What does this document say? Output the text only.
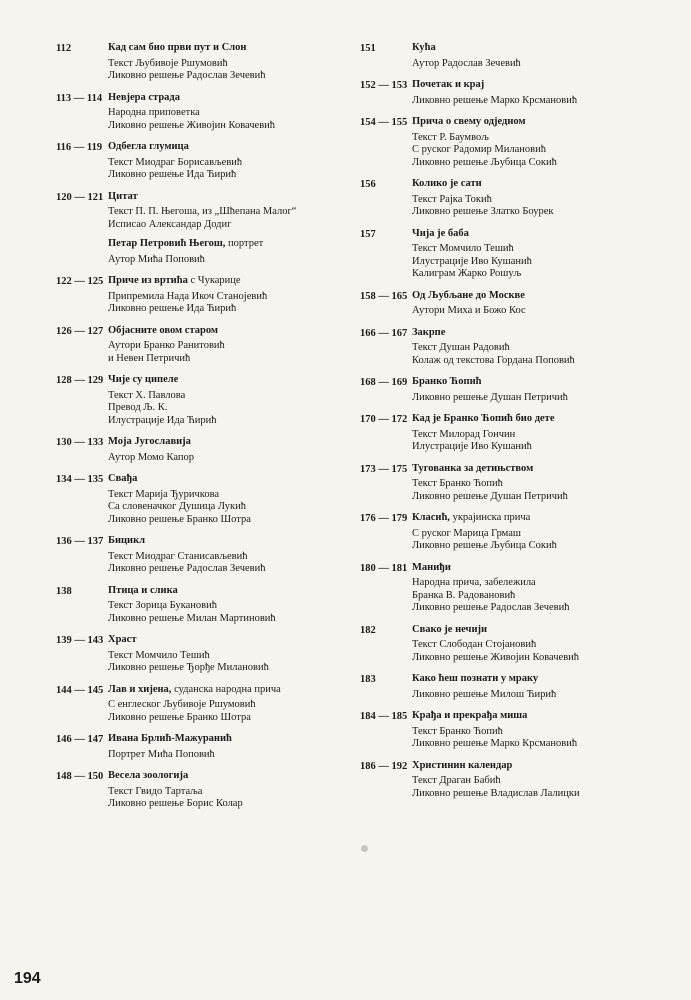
112	Кад сам био први пут и Слон
Текст Љубивоје Ршумовић
Ликовно решење Радослав Зечевић
113 — 114 Невјера страда
Народна приповетка
Ликовно решење Живојин Ковачевић
116 — 119 Одбегла глумица
Текст Миодраг Борисављевић
Ликовно решење Ида Ћирић
120 — 121 Цитат
Текст П. П. Његоша, из „Шћепана Малог“
Исписао Александар Додиг
Петар Петровић Његош, портрет
Аутор Мића Поповић
122 — 125 Приче из вртића с Чукарице
Припремила Нада Икоч Станојевић
Ликовно решење Ида Ћирић
126 — 127 Објасните овом старом
Аутори Бранко Ранитовић
и Невен Петричић
128 — 129 Чије су ципеле
Текст Х. Павлова
Превод Љ. К.
Илустрације Ида Ћирић
130 — 133 Моја Југославија
Аутор Момо Капор
134 — 135 Свађа
Текст Марија Ђуричкова
Са словеначког Душица Лукић
Ликовно решење Бранко Шотра
136 — 137 Бицикл
Текст Миодраг Станисављевић
Ликовно решење Радослав Зечевић
138	Птица и слика
Текст Зорица Букановић
Ликовно решење Милан Мартиновић
139 — 143 Храст
Текст Момчило Тешић
Ликовно решење Ђорђе Милановић
144 — 145 Лав и хијена, суданска народна прича
С енглеског Љубивоје Ршумовић
Ликовно решење Бранко Шотра
146 — 147 Ивана Брлић-Мажуранић
Портрет Мића Поповић
148 — 150 Весела зоологија
Текст Гвидо Тартаља
Ликовно решење Борис Колар
151	Кућа
Аутор Радослав Зечевић
152 — 153 Почетак и крај
Ликовно решење Марко Крсмановић
154 — 155 Прича о свему одједном
Текст Р. Баумвољ
С руског Радомир Милановић
Ликовно решење Љубица Сокић
156	Колико је сати
Текст Рајка Токић
Ликовно решење Златко Боурек
157	Чија је баба
Текст Момчило Тешић
Илустрације Иво Кушанић
Калиграм Жарко Рошуљ
158 — 165 Од Љубљане до Москве
Аутори Миха и Божо Кос
166 — 167 Закрпе
Текст Душан Радовић
Колаж од текстова Гордана Поповић
168 — 169 Бранко Ћопић
Ликовно решење Душан Петричић
170 — 172 Кад је Бранко Ћопић био дете
Текст Милорад Гончин
Илустрације Иво Кушанић
173 — 175 Тугованка за детињством
Текст Бранко Ћопић
Ликовно решење Душан Петричић
176 — 179 Класић, украјинска прича
С руског Марица Грмаш
Ликовно решење Љубица Сокић
180 — 181 Маниђи
Народна прича, забележила
Бранка В. Радовановић
Ликовно решење Радослав Зечевић
182	Свако је нечији
Текст Слободан Стојановић
Ликовно решење Живојин Ковачевић
183	Како ћеш познати у мраку
Ликовно решење Милош Ћирић
184 — 185 Крађа и прекрађа миша
Текст Бранко Ћопић
Ликовно решење Марко Крсмановић
186 — 192 Христинин календар
Текст Драган Бабић
Ликовно решење Владислав Лалицки
194
